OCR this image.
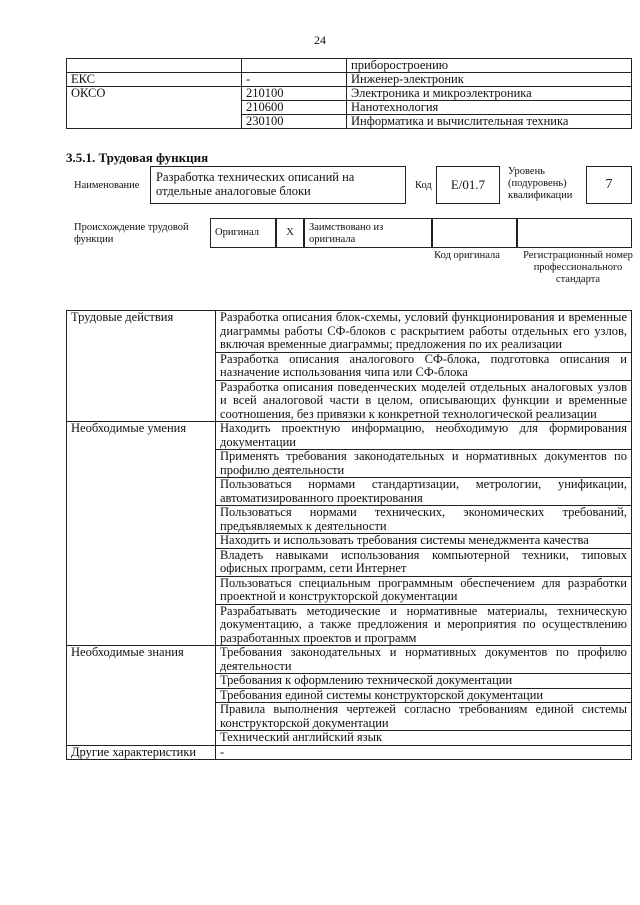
24
		приборостроению
ЕКС	-	Инженер-электроник
ОКСО	210100	Электроника и микроэлектроника
	210600	Нанотехнология
	230100	Информатика и вычислительная техника
3.5.1. Трудовая функция
Наименование
Разработка технических описаний на отдельные аналоговые блоки	Код	E/01.7
Уровень (подуровень) квалификации
7
Происхождение трудовой функции
Оригинал	X	Заимствовано из оригинала
Код оригинала Регистрационный номер профессионального стандарта
Трудовые действия	Разработка описания блок-схемы, условий функционирования и временные диаграммы работы СФ-блоков с раскрытием работы отдельных его узлов, включая временные диаграммы; предложения по их реализации
	Разработка описания аналогового СФ-блока, подготовка описания и назначение использования чипа или СФ-блока
	Разработка описания поведенческих моделей отдельных аналоговых узлов и всей аналоговой части в целом, описывающих функции и временные соотношения, без привязки к конкретной технологической реализации
Необходимые умения	Находить проектную информацию, необходимую для формирования документации
	Применять требования законодательных и нормативных документов по профилю деятельности
	Пользоваться нормами стандартизации, метрологии, унификации, автоматизированного проектирования
	Пользоваться нормами технических, экономических требований, предъявляемых к деятельности
	Находить и использовать требования системы менеджмента качества
	Владеть навыками использования компьютерной техники, типовых офисных программ, сети Интернет
	Пользоваться специальным программным обеспечением для разработки проектной и конструкторской документации
	Разрабатывать методические и нормативные материалы, техническую документацию, а также предложения и мероприятия по осуществлению разработанных проектов и программ
Необходимые знания	Требования законодательных и нормативных документов по профилю деятельности
	Требования к оформлению технической документации
	Требования единой системы конструкторской документации
	Правила выполнения чертежей согласно требованиям единой системы конструкторской документации
	Технический английский язык
Другие характеристики	-
